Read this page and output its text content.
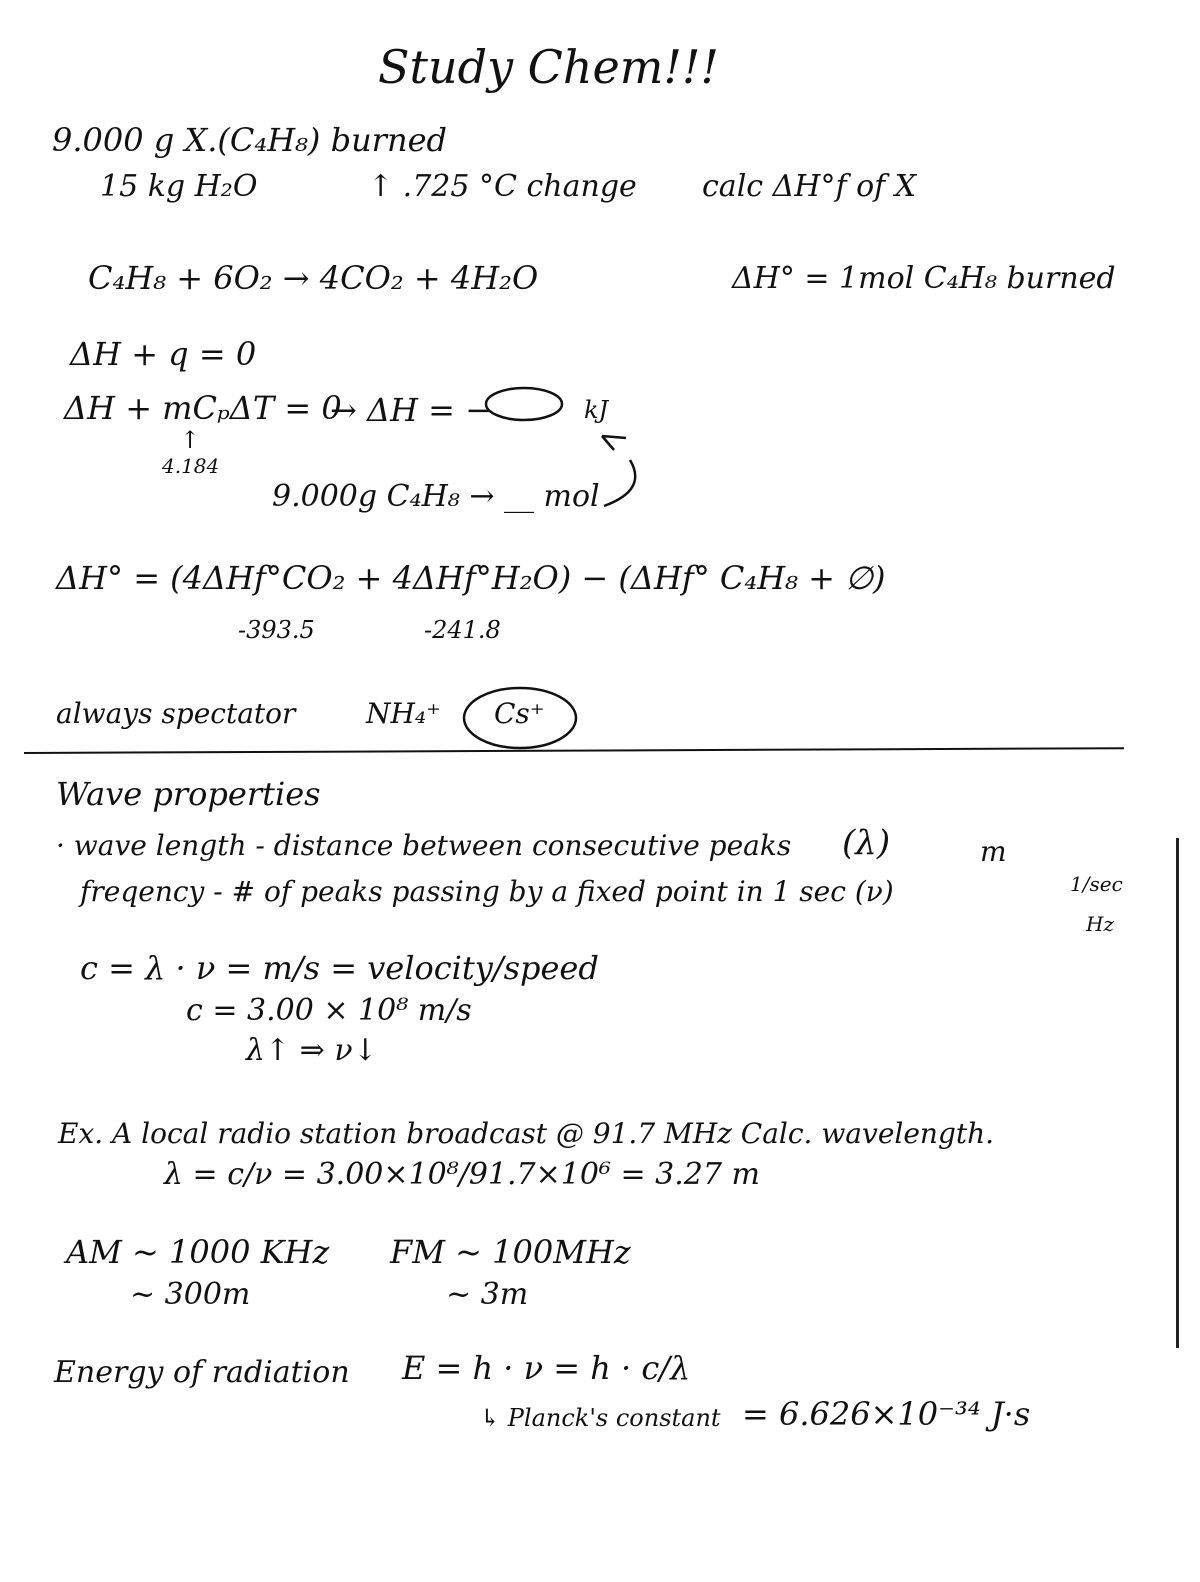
Study Chem!!!
9.000 g X.(C₄H₈) burned
15 kg H₂O	↑ .725 °C change calc ΔH°f of X
C₄H₈ + 6O₂ → 4CO₂ + 4H₂O	ΔH° = 1mol C₄H₈ burned
ΔH + q = 0
ΔH + mCₚΔT = 0
→ ΔH = −	kJ
↑
4.184
9.000g C₄H₈ → __ mol
ΔH° = (4ΔHf°CO₂ + 4ΔHf°H₂O) − (ΔHf° C₄H₈ + ∅)
-393.5	-241.8
always spectator	NH₄⁺ Cs⁺
Wave properties
· wave length - distance between consecutive peaks (λ)	m
freqency - # of peaks passing by a fixed point in 1 sec (ν)	1/sec
Hz
c = λ · ν = m/s = velocity/speed
c = 3.00 × 10⁸ m/s
λ↑ ⇒ ν↓
Ex. A local radio station broadcast @ 91.7 MHz Calc. wavelength.
λ = c/ν = 3.00×10⁸/91.7×10⁶ = 3.27 m
AM ~ 1000 KHz
~ 300m
FM ~ 100MHz
~ 3m
Energy of radiation E = h · ν = h · c/λ
↳ Planck's constant = 6.626×10⁻³⁴ J·s
